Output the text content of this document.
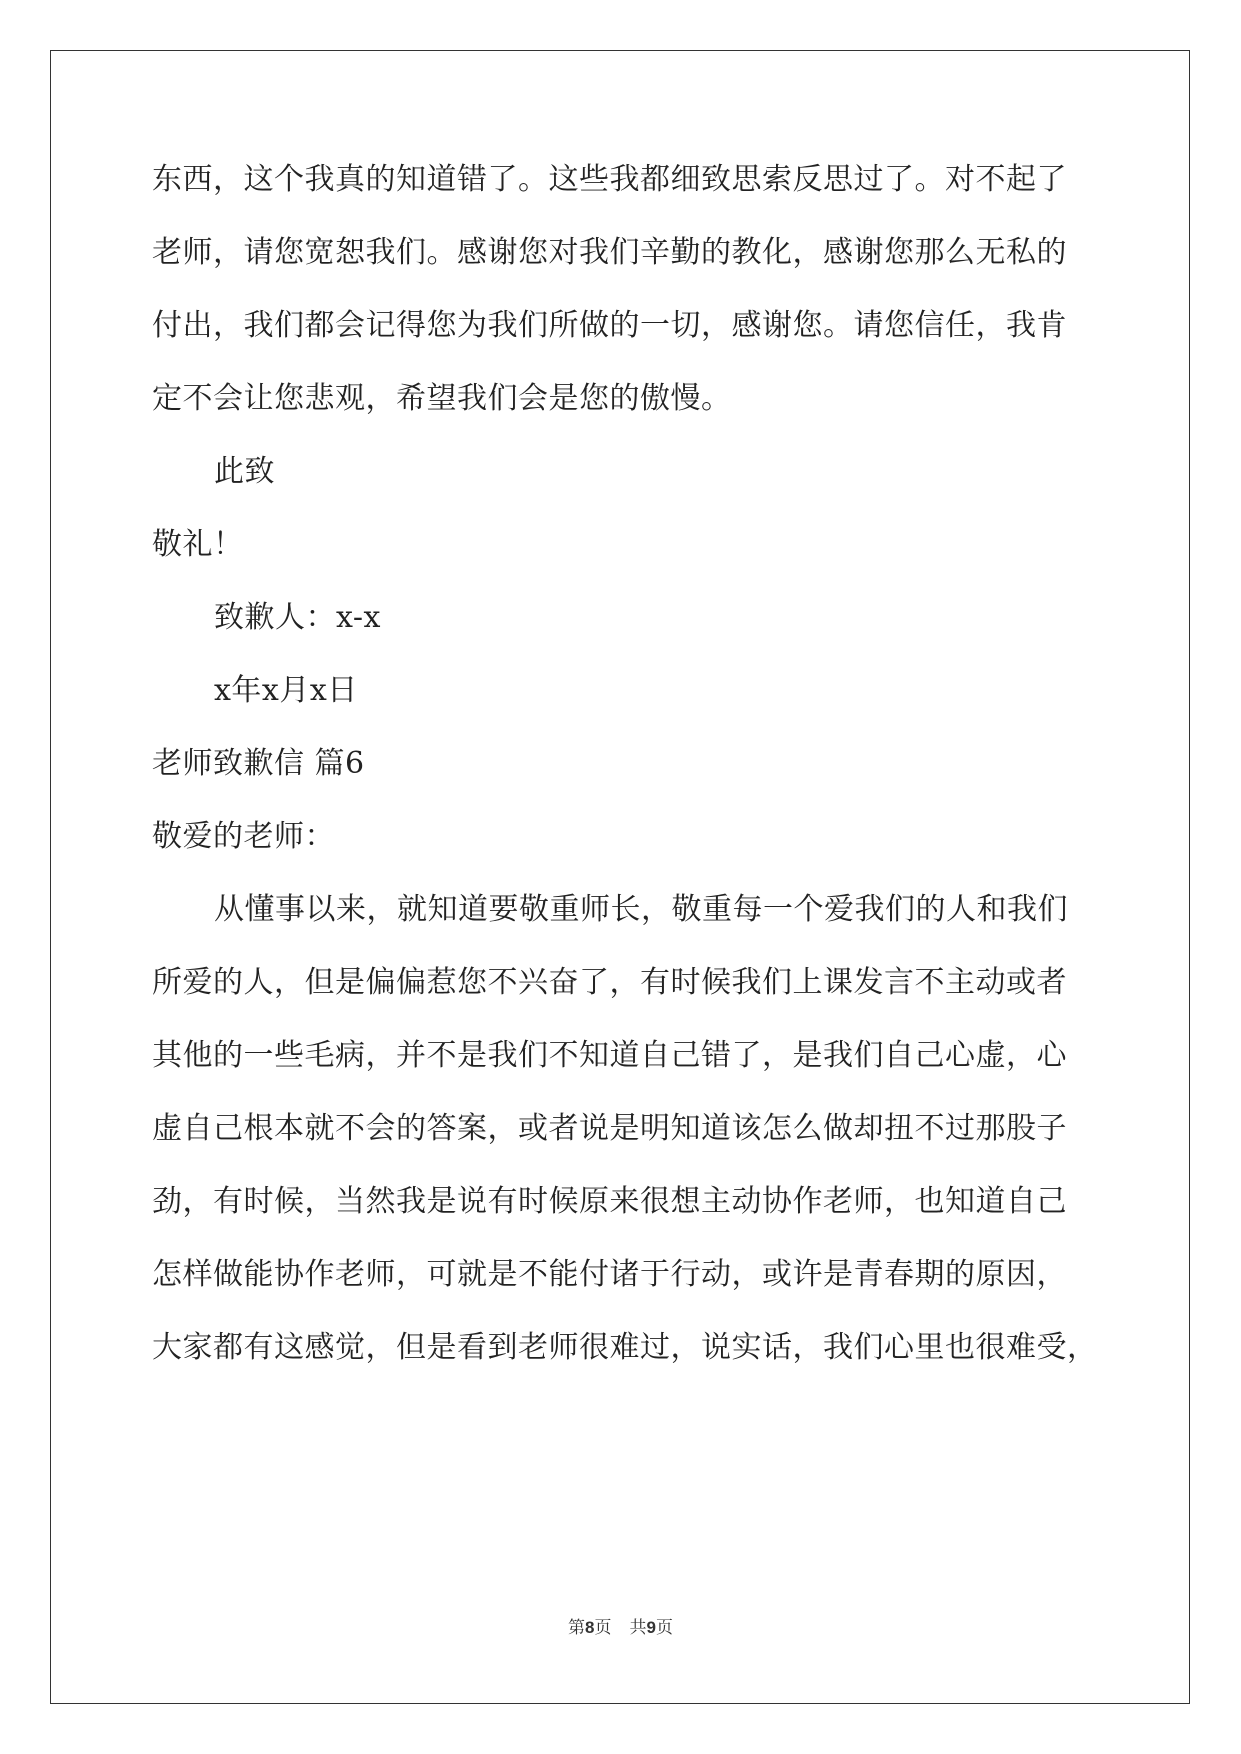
东西，这个我真的知道错了。这些我都细致思索反思过了。对不起了
老师，请您宽恕我们。感谢您对我们辛勤的教化，感谢您那么无私的
付出，我们都会记得您为我们所做的一切，感谢您。请您信任，我肯
定不会让您悲观，希望我们会是您的傲慢。
此致
敬礼！
致歉人：x-x
x年x月x日
老师致歉信 篇6
敬爱的老师：
从懂事以来，就知道要敬重师长，敬重每一个爱我们的人和我们
所爱的人，但是偏偏惹您不兴奋了，有时候我们上课发言不主动或者
其他的一些毛病，并不是我们不知道自己错了，是我们自己心虚，心
虚自己根本就不会的答案，或者说是明知道该怎么做却扭不过那股子
劲，有时候，当然我是说有时候原来很想主动协作老师，也知道自己
怎样做能协作老师，可就是不能付诸于行动，或许是青春期的原因，
大家都有这感觉，但是看到老师很难过，说实话，我们心里也很难受，
第8页 共9页
